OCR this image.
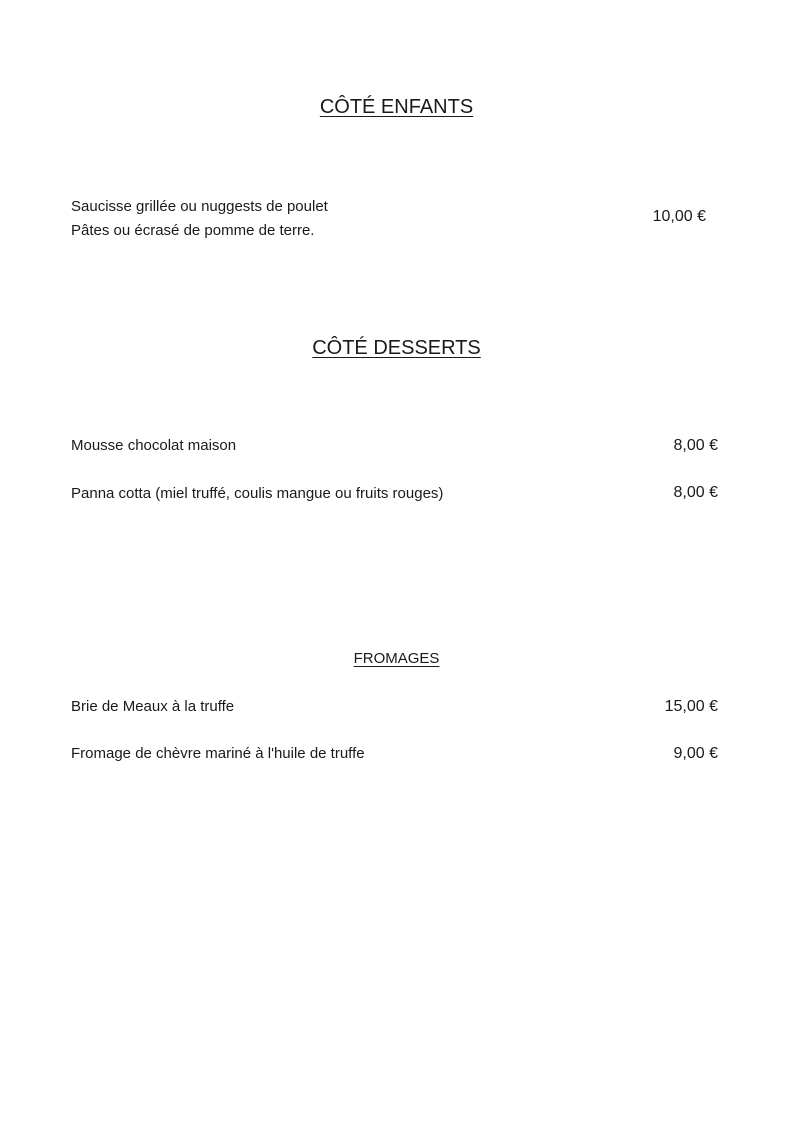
CÔTÉ ENFANTS
Saucisse grillée ou nuggests de poulet
Pâtes ou écrasé de pomme de terre.
10,00 €
CÔTÉ DESSERTS
Mousse chocolat maison	8,00 €
Panna cotta (miel truffé, coulis mangue ou fruits rouges)	8,00 €
FROMAGES
Brie de Meaux à la truffe	15,00 €
Fromage de chèvre mariné à l'huile de truffe	9,00 €
